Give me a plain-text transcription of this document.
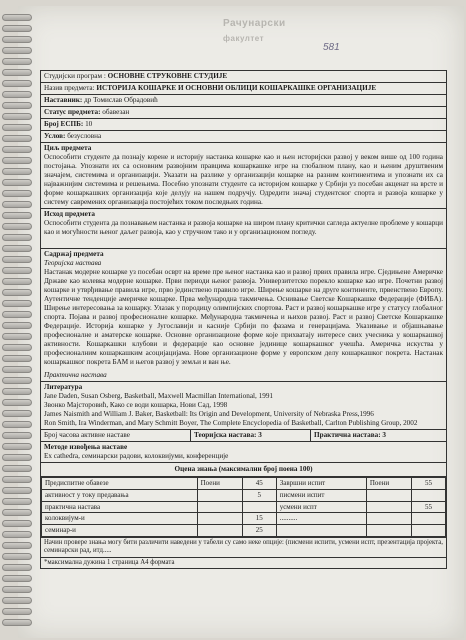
Рачунарски
факултет
581
Студијски програм : ОСНОВНЕ СТРУКОВНЕ СТУДИЈЕ
Назив предмета: ИСТОРИЈА КОШАРКЕ И ОСНОВНИ ОБЛИЦИ КОШАРКАШКЕ ОРГАНИЗАЦИЈЕ
Наставник: др Томислав Обрадовић
Статус предмета: обавезан
Број ЕСПБ: 10
Услов: безусловна
Циљ предмета
Оспособити студенте да познају корене и историју настанка кошарке као и њен историјски развој у веком више од 100 година постојања. Упознати их са основним развојним правцима кошаркашке игре на глобалном плану, као и њеним друштвеним значајем, системима и организацији. Указати на разлике у организацији кошарке на разним континентима и упознати их са најважнијим системима и решењима. Посебно упознати студенте са историјом кошарке у Србији уз посебан акценат на врсте и форме кошаркашких организација које делују на нашем подручју. Одредити значај студентског спорта и развоја кошарке у систему савремених организација постојећих током последњих година.
Исход предмета
Оспособити студента да познавањем настанка и развоја кошарке на широм плану критички сагледа актуелне проблеме у кошарци као и могућности њеног даљег развоја, као у стручном тако и у организационом погледу.
Садржај предмета
Теоријска настава
Настанак модерне кошарке уз посебан осврт на време пре њеног настанка као и развој првих правила игре. Сједињене Америчке Државе као колевка модерне кошарке. Први периоди њеног развоја. Универзитетско порекло кошарке као игре. Почетни развој кошарке и утврђивање правила игре, прво јединствено правило игре. Ширење кошарке на друге континенте, првенствено Европу. Аутентичне тенденције америчке кошарке. Прва међународна такмичења. Оснивање Светске Кошаркашке Федерације (ФИБА). Ширење интересовања за кошарку. Улазак у породицу олимпијских спортова. Раст и развој кошаркашке игре у статусу глобалног спорта. Појава и развој професионалне кошарке. Међународна такмичења и њихов развој. Раст и развој Светске Кошаркашке Федерације. Историја кошарке у Југославији и касније Србији по фазама и генерацијама. Указивање и објашњавање професионалне и аматерске кошарке. Основне организационе форме које прихватају интересе свих учесника у кошаркашкој активности. Кошаркашки клубови и федерације као основне јединице кошаркашког учешћа. Америчка искуства у професионалним кошаркашким асоцијацијама. Нове организационе форме у европском делу кошаркашког покрета. Настанак кошаркашког покрета БАМ и његов развој у земљи и ван ње.
Практична настава
Литература
Jane Daden, Susan Osberg, Basketball, Maxwell Macmillan International, 1991
Звонко Мајсторовић, Како се води кошарка, Нови Сад, 1998
James Naismith and William J. Baker, Basketball: Its Origin and Development, University of Nebraska Press,1996
Ron Smith, Ira Winderman, and Mary Schmitt Boyer, The Complete Encyclopedia of Basketball, Carlton Publishing Group, 2002
Број часова активне наставе	Теоријска настава: 3	Практична настава: 3
Методе извођења наставе
Ex cathedra, семинарски радови, колоквијуми, конференције
Оцена знања (максимални број поена 100)
Предиспитне обавезе	Поени	45	Завршни испит	Поени	55
активност у току предавања		5	писмени испит		
практична настава			усмени испт		55
колоквијум-и		15	..........		
семинар-и		25			
Начин провере знања могу бити различити наведени у табели су само неке опције: (писмени испити, усмени испт, презентација пројекта, семинарски рад, итд.....
*максимална дужина 1 страница А4 формата
